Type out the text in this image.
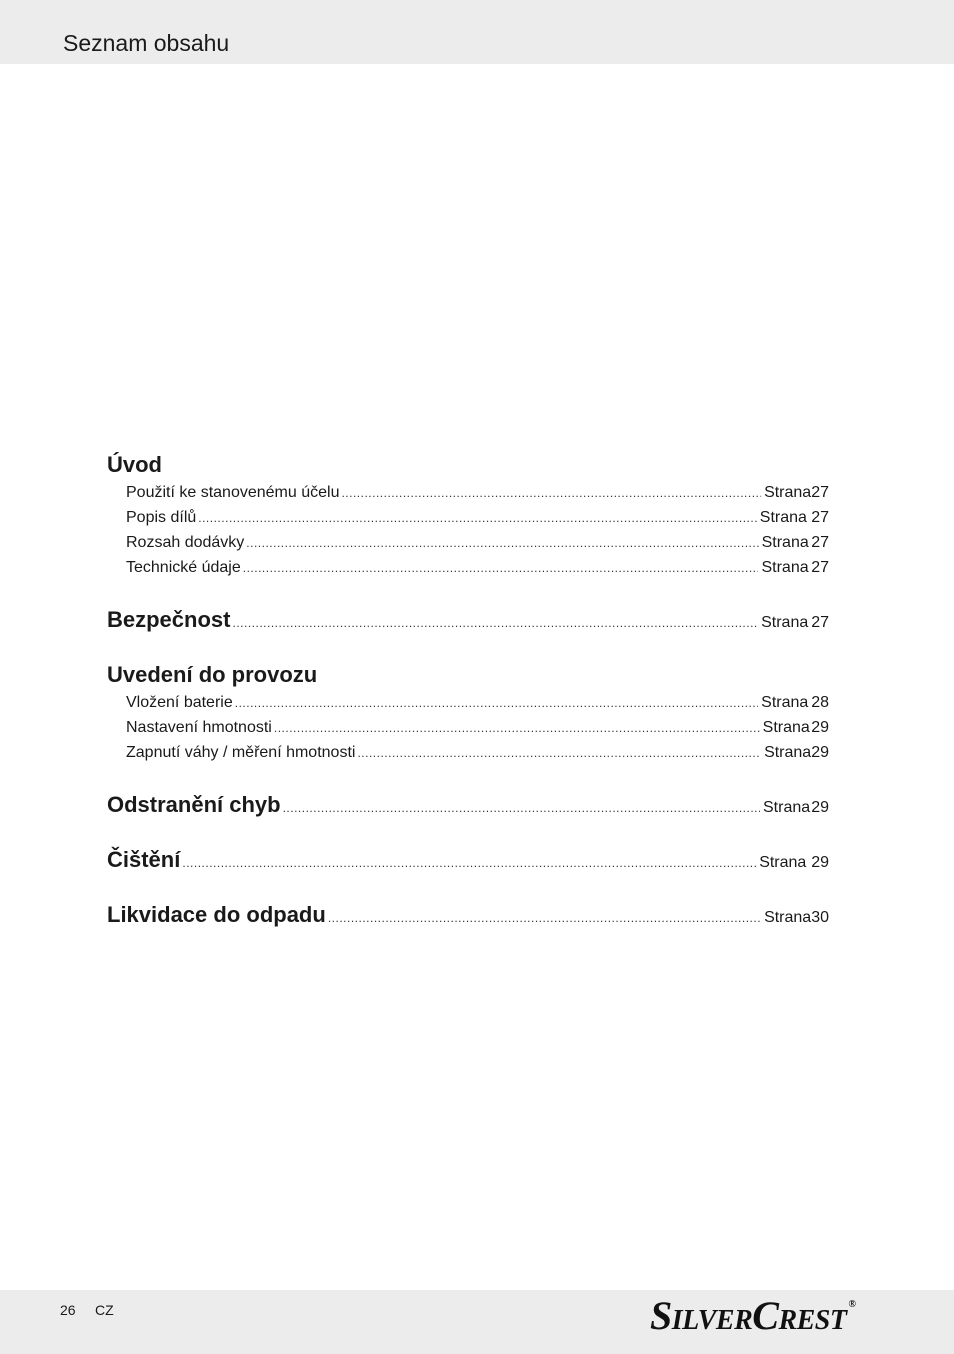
Seznam obsahu
Úvod
Použití ke stanovenému účelu .....	Strana 27
Popis dílů .....	Strana 27
Rozsah dodávky .....	Strana 27
Technické údaje .....	Strana 27
Bezpečnost .....	Strana 27
Uvedení do provozu
Vložení baterie .....	Strana 28
Nastavení hmotnosti .....	Strana 29
Zapnutí váhy / měření hmotnosti .....	Strana 29
Odstranění chyb .....	Strana 29
Čištění .....	Strana 29
Likvidace do odpadu .....	Strana 30
26 CZ	SILVERCREST®
